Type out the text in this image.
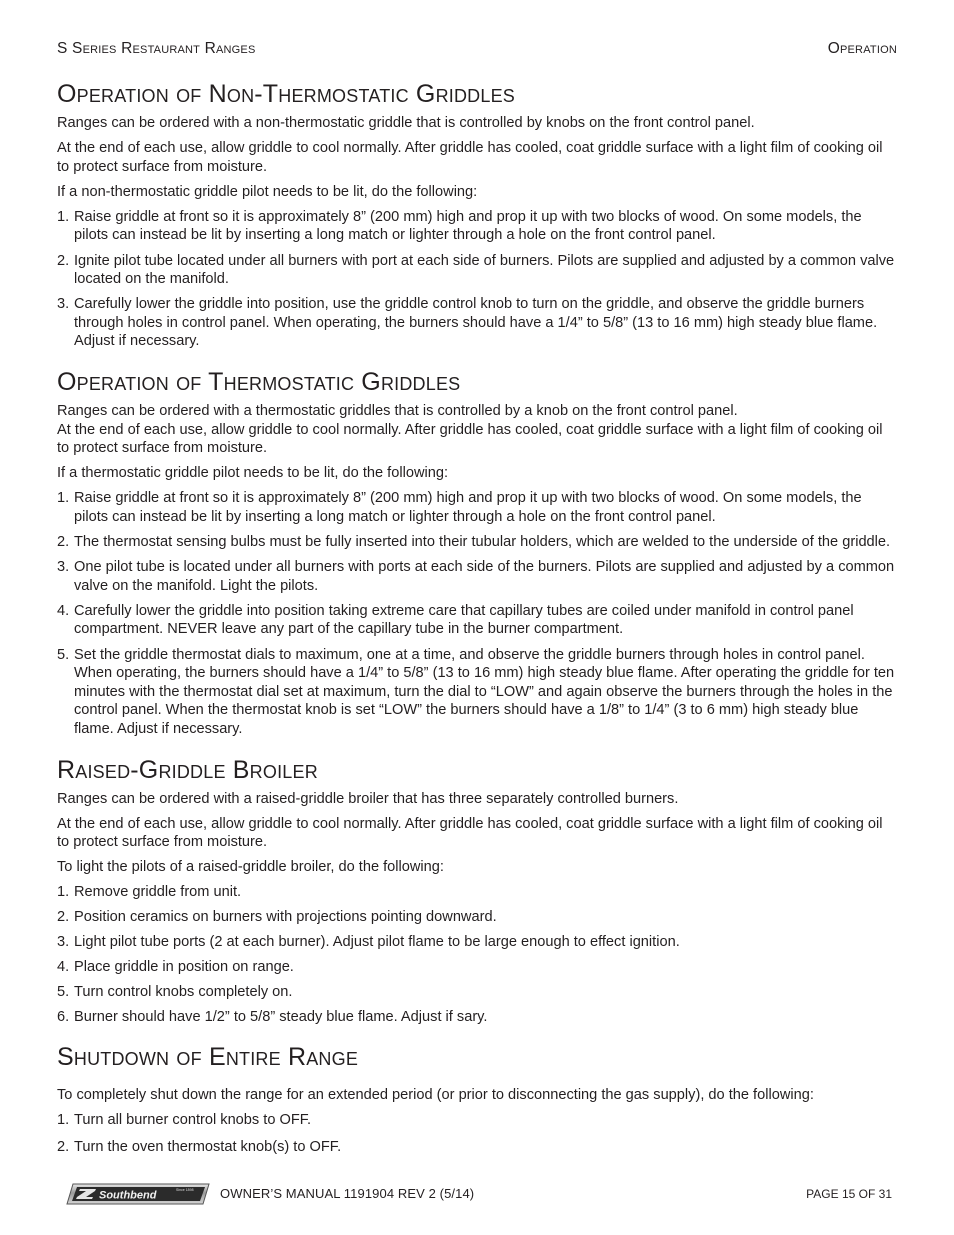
S Series Restaurant Ranges	Operation
Operation of Non-Thermostatic Griddles

Ranges can be ordered with a non-thermostatic griddle that is controlled by knobs on the front control panel.

At the end of each use, allow griddle to cool normally. After griddle has cooled, coat griddle surface with a light film of cooking oil to protect surface from moisture.

If a non-thermostatic griddle pilot needs to be lit, do the following:

1. Raise griddle at front so it is approximately 8” (200 mm) high and prop it up with two blocks of wood. On some models, the pilots can instead be lit by inserting a long match or lighter through a hole on the front control panel.
2. Ignite pilot tube located under all burners with port at each side of burners. Pilots are supplied and adjusted by a common valve located on the manifold.
3. Carefully lower the griddle into position, use the griddle control knob to turn on the griddle, and observe the griddle burners through holes in control panel. When operating, the burners should have a 1/4” to 5/8” (13 to 16 mm) high steady blue flame. Adjust if necessary.
Operation of Thermostatic Griddles

Ranges can be ordered with a thermostatic griddles that is controlled by a knob on the front control panel.

At the end of each use, allow griddle to cool normally. After griddle has cooled, coat griddle surface with a light film of cooking oil to protect surface from moisture.

If a thermostatic griddle pilot needs to be lit, do the following:

1. Raise griddle at front so it is approximately 8” (200 mm) high and prop it up with two blocks of wood. On some models, the pilots can instead be lit by inserting a long match or lighter through a hole on the front control panel.
2. The thermostat sensing bulbs must be fully inserted into their tubular holders, which are welded to the underside of the griddle.
3. One pilot tube is located under all burners with ports at each side of the burners. Pilots are supplied and adjusted by a common valve on the manifold. Light the pilots.
4. Carefully lower the griddle into position taking extreme care that capillary tubes are coiled under manifold in control panel compartment. NEVER leave any part of the capillary tube in the burner compartment.
5. Set the griddle thermostat dials to maximum, one at a time, and observe the griddle burners through holes in control panel. When operating, the burners should have a 1/4” to 5/8” (13 to 16 mm) high steady blue flame. After operating the griddle for ten minutes with the thermostat dial set at maximum, turn the dial to “LOW” and again observe the burners through the holes in the control panel. When the thermostat knob is set “LOW” the burners should have a 1/8” to 1/4” (3 to 6 mm) high steady blue flame. Adjust if necessary.
Raised-Griddle Broiler

Ranges can be ordered with a raised-griddle broiler that has three separately controlled burners.

At the end of each use, allow griddle to cool normally. After griddle has cooled, coat griddle surface with a light film of cooking oil to protect surface from moisture.

To light the pilots of a raised-griddle broiler, do the following:

1. Remove griddle from unit.
2. Position ceramics on burners with projections pointing downward.
3. Light pilot tube ports (2 at each burner). Adjust pilot flame to be large enough to effect ignition.
4. Place griddle in position on range.
5. Turn control knobs completely on.
6. Burner should have 1/2” to 5/8” steady blue flame. Adjust if sary.
Shutdown of Entire Range

To completely shut down the range for an extended period (or prior to disconnecting the gas supply), do the following:

1. Turn all burner control knobs to OFF.
2. Turn the oven thermostat knob(s) to OFF.
Southbend	Since 1898 OWNER’S MANUAL 1191904 REV 2 (5/14)	PAGE 15 OF 31
